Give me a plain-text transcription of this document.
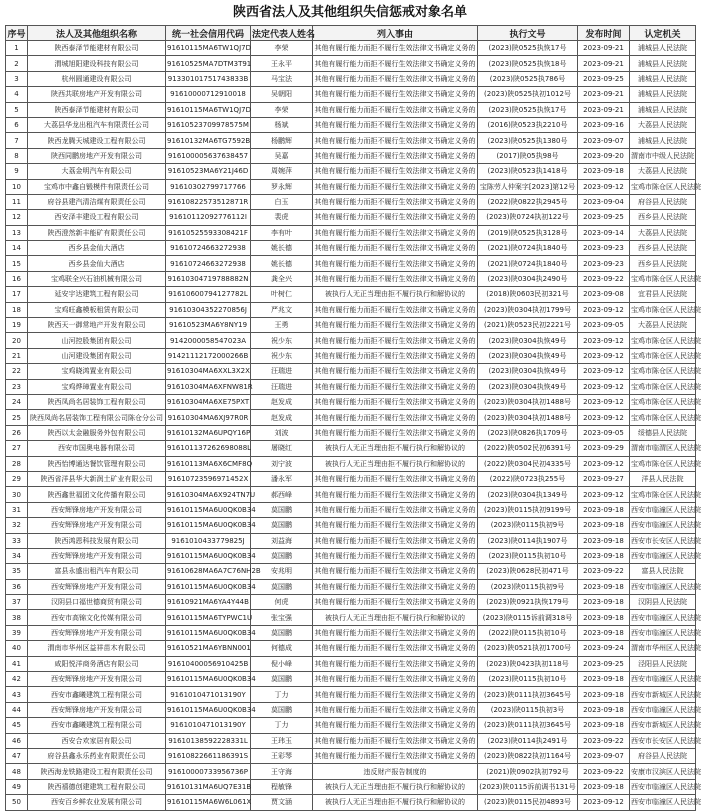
陕西省法人及其他组织失信惩戒对象名单
序号	法人及其他组织名称	统一社会信用代码	法定代表人姓名	列入事由	执行文号	发布时间	认定机关
1	陕西泰泽节能建材有限公司	91610115MA6TW1QJ7D	李荣	其他有履行能力而拒不履行生效法律文书确定义务的	(2023)陕0525执恢17号	2023-09-21	浦城县人民法院
2	渭城旭阳建设科技有限公司	91610525MA7DTM3T91	王永平	其他有履行能力而拒不履行生效法律文书确定义务的	(2023)陕0525执恢18号	2023-09-21	浦城县人民法院
3	杭州圆通建设有限公司	91330101751743833B	马宝法	其他有履行能力而拒不履行生效法律文书确定义务的	(2023)陕0525执786号	2023-09-25	浦城县人民法院
4	陕西共联房地产开发有限公司	91610000712910018	吴朝阳	其他有履行能力而拒不履行生效法律文书确定义务的	(2023)陕0525执初1012号	2023-09-21	浦城县人民法院
5	陕西泰泽节能建材有限公司	91610115MA6TW1QJ7D	李荣	其他有履行能力而拒不履行生效法律文书确定义务的	(2023)陕0525执恢17号	2023-09-21	浦城县人民法院
6	大荔县华龙出租汽车有限责任公司	91610523709978575M	杨斌	其他有履行能力而拒不履行生效法律文书确定义务的	(2016)陕0523执2210号	2023-09-16	大荔县人民法院
7	陕西龙腾天城建设工程有限公司	91610132MA6TG7592B	杨鹏辉	其他有履行能力而拒不履行生效法律文书确定义务的	(2023)陕0525执1380号	2023-09-07	浦城县人民法院
8	陕西同鹏房地产开发有限公司	916100005637638457	吴嘉	其他有履行能力而拒不履行生效法律文书确定义务的	(2017)陕05执98号	2023-09-20	渭南市中级人民法院
9	大荔金明汽车有限公司	91610523MA6Y21J46D	周婉萍	其他有履行能力而拒不履行生效法律文书确定义务的	(2023)陕0523执1418号	2023-09-18	大荔县人民法院
10	宝鸡市中鑫自锻模件有限责任公司	91610302799717766	罗永辉	其他有履行能力而拒不履行生效法律文书确定义务的	宝陈劳人仲案字[2023]第12号	2023-09-12	宝鸡市陈仓区人民法院
11	府谷县建汽清洁煤有限责任公司	91610822573512871R	白玉	其他有履行能力而拒不履行生效法律文书确定义务的	(2022)陕0822执2945号	2023-09-04	府谷县人民法院
12	西安泽丰建设工程有限公司	91610112092776112I	裴虎	其他有履行能力而拒不履行生效法律文书确定义务的	(2023)陕0724执初122号	2023-09-25	西乡县人民法院
13	陕西澄然新丰能矿有限责任公司	91610525593308421F	李有叶	其他有履行能力而拒不履行生效法律文书确定义务的	(2019)陕0525执3128号	2023-09-14	大荔县人民法院
14	西乡县金仙大酒店	91610724663272938	姚长德	其他有履行能力而拒不履行生效法律文书确定义务的	(2021)陕0724执1840号	2023-09-23	西乡县人民法院
15	西乡县金仙大酒店	91610724663272938	姚长德	其他有履行能力而拒不履行生效法律文书确定义务的	(2021)陕0724执1840号	2023-09-23	西乡县人民法院
16	宝鸡联全兴石油机械有限公司	91610304719788882N	龚全兴	其他有履行能力而拒不履行生效法律文书确定义务的	(2023)陕0304执2490号	2023-09-22	宝鸡市陈仓区人民法院
17	延安宇达建筑工程有限公司	91610600794127782L	叶树仁	被执行人无正当理由拒不履行执行和解协议的	(2018)陕0603民初321号	2023-09-08	宜君县人民法院
18	宝鸡旺鑫模板租赁有限公司	91610304352270856J	严兆文	其他有履行能力而拒不履行生效法律文书确定义务的	(2023)陕0304执初1799号	2023-09-12	宝鸡市陈仓区人民法院
19	陕西天一御常地产开发有限公司	91610523MA6Y8NY19	王勇	其他有履行能力而拒不履行生效法律文书确定义务的	(2021)陕0523民初2221号	2023-09-05	大荔县人民法院
20	山河控股集团有限公司	9142000058547023A	祝少东	其他有履行能力而拒不履行生效法律文书确定义务的	(2023)陕0304执恢49号	2023-09-12	宝鸡市陈仓区人民法院
21	山河建设集团有限公司	91421112172000266B	祝少东	其他有履行能力而拒不履行生效法律文书确定义务的	(2023)陕0304执恢49号	2023-09-12	宝鸡市陈仓区人民法院
22	宝鸡晓鸿置业有限公司	91610304MA6XXL3X2X	汪瑞进	其他有履行能力而拒不履行生效法律文书确定义务的	(2023)陕0304执恢49号	2023-09-12	宝鸡市陈仓区人民法院
23	宝鸡烨璋置业有限公司	91610304MA6XFNW81R	汪瑞进	其他有履行能力而拒不履行生效法律文书确定义务的	(2023)陕0304执恢49号	2023-09-12	宝鸡市陈仓区人民法院
24	陕西凤尚名居装饰工程有限公司	91610304MA6XE75PXT	赵发成	其他有履行能力而拒不履行生效法律文书确定义务的	(2023)陕0304执初1488号	2023-09-12	宝鸡市陈仓区人民法院
25	陕西凤尚名居装饰工程有限公司陈仓分公司	91610304MA6XJ97R0R	赵发成	其他有履行能力而拒不履行生效法律文书确定义务的	(2023)陕0304执初1488号	2023-09-12	宝鸡市陈仓区人民法院
26	陕西以太金融服务外包有限公司	91610132MA6UPQY16P	刘波	其他有履行能力而拒不履行生效法律文书确定义务的	(2023)陕0826执1709号	2023-09-05	绥德县人民法院
27	西安市国奥电器有限公司	916101137262698088L	屠晓红	被执行人无正当理由拒不履行执行和解协议的	(2022)陕0502民初6391号	2023-09-29	渭南市临渭区人民法院
28	陕西怡博通达餐饮管理有限公司	91610113MA6X6CMF8Q	刘宁波	被执行人无正当理由拒不履行执行和解协议的	(2022)陕0304民初4335号	2023-09-12	宝鸡市陈仓区人民法院
29	陕西省洋县华大新润土矿业有限公司	91610723596971452X	潘永军	其他有履行能力而拒不履行生效法律文书确定义务的	(2022)陕0723执255号	2023-09-27	洋县人民法院
30	陕西鑫世福团文化传播有限公司	91610304MA6X924TN7U	郝西峰	其他有履行能力而拒不履行生效法律文书确定义务的	(2023)陕0304执1349号	2023-09-12	宝鸡市陈仓区人民法院
31	西安辉锋房地产开发有限公司	91610115MA6U0QK0B34	莫国鹏	其他有履行能力而拒不履行生效法律文书确定义务的	(2023)陕0115执初9199号	2023-09-18	西安市临潼区人民法院
32	西安辉锋房地产开发有限公司	91610115MA6U0QK0B34	莫国鹏	其他有履行能力而拒不履行生效法律文书确定义务的	(2023)陕0115执初9号	2023-09-18	西安市临潼区人民法院
33	陕西鸿恩科技发展有限公司	9161010433779825J	刘益海	其他有履行能力而拒不履行生效法律文书确定义务的	(2023)陕0114执1907号	2023-09-18	西安市长安区人民法院
34	西安辉锋房地产开发有限公司	91610115MA6U0QK0B34	莫国鹏	其他有履行能力而拒不履行生效法律文书确定义务的	(2023)陕0115执初10号	2023-09-18	西安市临潼区人民法院
35	富县永盛出租汽车有限公司	91610628MA6A7C76NH2B	安兆明	其他有履行能力而拒不履行生效法律文书确定义务的	(2023)陕0628民初471号	2023-09-22	富县人民法院
36	西安辉锋房地产开发有限公司	91610115MA6U0QK0B34	莫国鹏	其他有履行能力而拒不履行生效法律文书确定义务的	(2023)陕0115执初9号	2023-09-18	西安市临潼区人民法院
37	汉阴县口福世德商贸有限公司	91610921MA6YA4Y44B	何虎	其他有履行能力而拒不履行生效法律文书确定义务的	(2023)陕0921执恢179号	2023-09-18	汉阴县人民法院
38	西安市高锦文化传媒有限公司	91610115MA6TYPWC1U	张宝强	被执行人无正当理由拒不履行执行和解协议的	(2023)陕0115诉前调318号	2023-09-18	西安市临潼区人民法院
39	西安辉锋房地产开发有限公司	91610115MA6U0QK0B34	莫国鹏	其他有履行能力而拒不履行生效法律文书确定义务的	(2022)陕0115执初10号	2023-09-18	西安市临潼区人民法院
40	渭南市华州区益祥苗木有限公司	91610521MA6YBNN001	何德成	其他有履行能力而拒不履行生效法律文书确定义务的	(2023)陕0521执初1700号	2023-09-24	渭南市华州区人民法院
41	咸阳悦洋商务酒店有限公司	91610400056910425B	倪小峰	其他有履行能力而拒不履行生效法律文书确定义务的	(2023)陕0423执初118号	2023-09-25	泾阳县人民法院
42	西安辉锋房地产开发有限公司	91610115MA6U0QK0B34	莫国鹏	其他有履行能力而拒不履行生效法律文书确定义务的	(2023)陕0115执初10号	2023-09-18	西安市临潼区人民法院
43	西安市鑫曦建筑工程有限公司	9161010471013190Y	丁力	其他有履行能力而拒不履行生效法律文书确定义务的	(2023)陕0111执初3645号	2023-09-18	西安市新城区人民法院
44	西安辉锋房地产开发有限公司	91610115MA6U0QK0B34	莫国鹏	其他有履行能力而拒不履行生效法律文书确定义务的	(2023)陕0115执初3号	2023-09-18	西安市临潼区人民法院
45	西安市鑫曦建筑工程有限公司	9161010471013190Y	丁力	其他有履行能力而拒不履行生效法律文书确定义务的	(2023)陕0111执初3645号	2023-09-18	西安市新城区人民法院
46	西安合欢家居有限公司	91610138592228331L	王玮玉	其他有履行能力而拒不履行生效法律文书确定义务的	(2023)陕0114执2491号	2023-09-22	西安市长安区人民法院
47	府谷县鑫永乐药业有限责任公司	91610822661186391S	王彩琴	其他有履行能力而拒不履行生效法律文书确定义务的	(2023)陕0822执初1164号	2023-09-07	府谷县人民法院
48	陕西海龙铁路建设工程有限责任公司	91610000733956736P	王守海	违反财产报告制度的	(2021)陕0902执初792号	2023-09-22	安康市汉滨区人民法院
49	陕西禧德创建建筑工程有限公司	91610131MA6UQ7E31B	程敏锋	被执行人无正当理由拒不履行执行和解协议的	(2023)陕0115诉前调书131号	2023-09-18	西安市临潼区人民法院
50	西安百乡鲜农业发展有限公司	91610115MA6W6L061X	贾文涵	被执行人无正当理由拒不履行执行和解协议的	(2023)陕0115民初4893号	2023-09-12	西安市临潼区人民法院
